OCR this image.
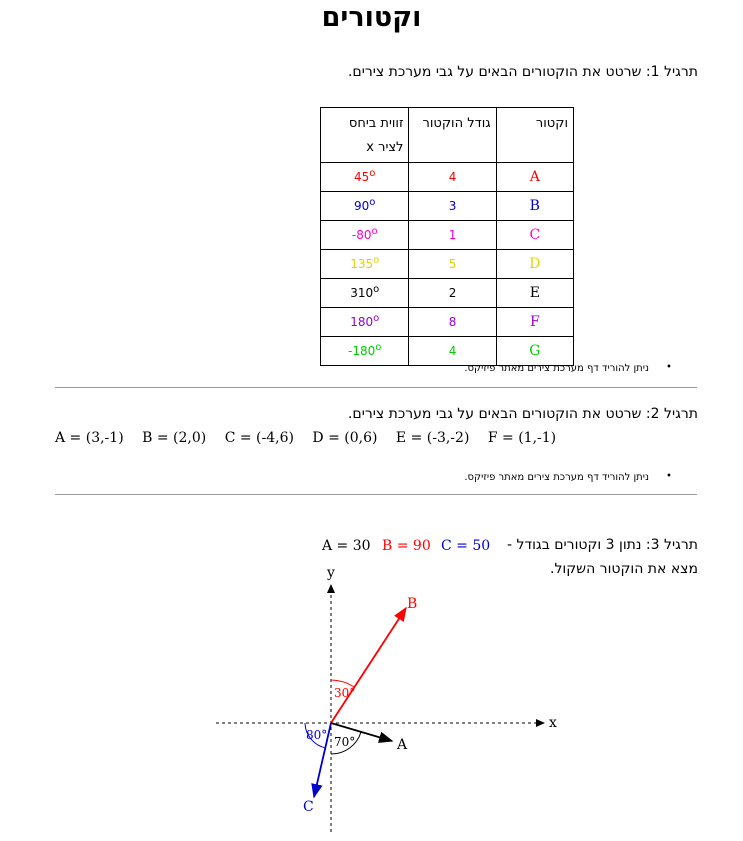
וקטורים
תרגיל 1: שרטט את הוקטורים הבאים על גבי מערכת צירים.
וקטור	גודל הוקטור	זווית ביחס
לציר x
A	4	45$^o$
B	3	90$^o$
C	1	-80$^o$
D	5	135$^o$
E	2	310$^o$
F	8	180$^o$
G	4	-180$^o$
ניתן להוריד דף מערכת צירים מאתר פיזיקס. •
תרגיל 2: שרטט את הוקטורים הבאים על גבי מערכת צירים.
A = (3,-1) B = (2,0) C = (-4,6) D = (0,6) E = (-3,-2) F = (1,-1)
ניתן להוריד דף מערכת צירים מאתר פיזיקס. •
תרגיל 3: נתון 3 וקטורים בגודל -
A = 30 B = 90 C = 50
מצא את הוקטור השקול.
x
y
B
C
A
30°
80° 70°
